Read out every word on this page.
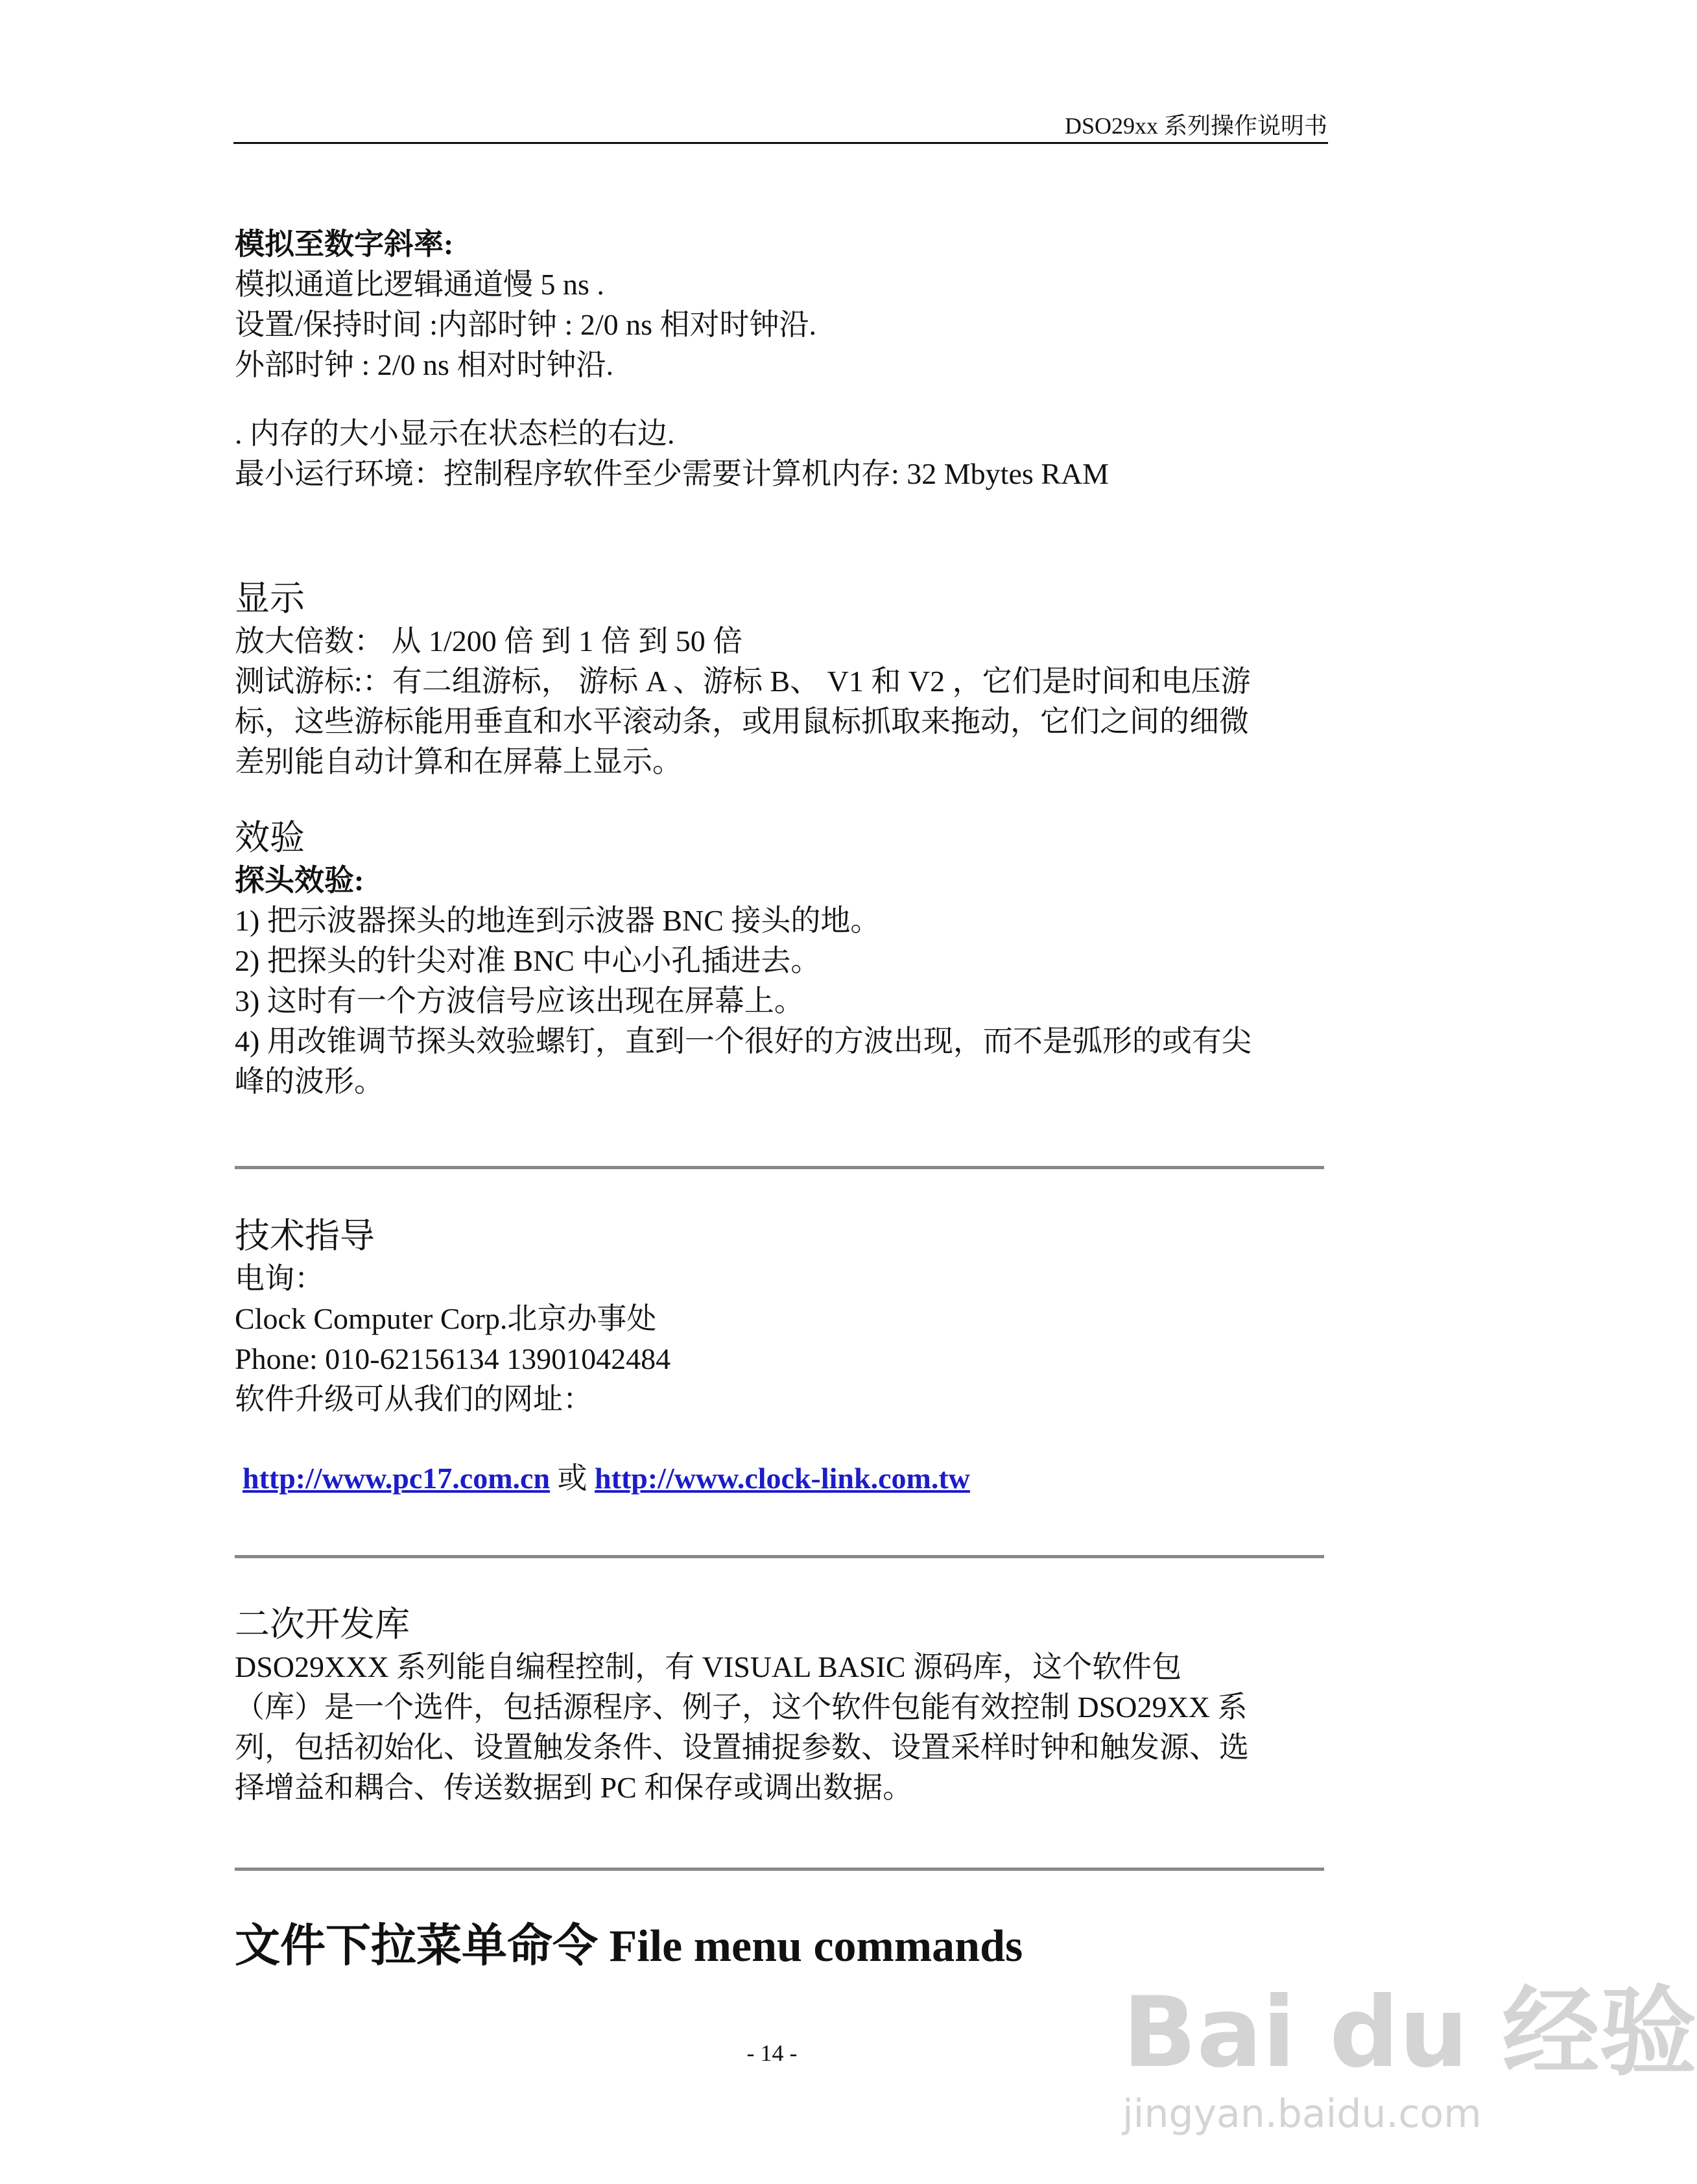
DSO29xx 系列操作说明书
模拟至数字斜率:
模拟通道比逻辑通道慢 5 ns .
设置/保持时间 :内部时钟 : 2/0 ns 相对时钟沿.
外部时钟 : 2/0 ns 相对时钟沿.
. 内存的大小显示在状态栏的右边.
最小运行环境：控制程序软件至少需要计算机内存: 32 Mbytes RAM
显示
放大倍数： 从 1/200 倍 到 1 倍 到 50 倍
测试游标:：有二组游标， 游标 A 、游标 B、 V1 和 V2 ，它们是时间和电压游
标，这些游标能用垂直和水平滚动条，或用鼠标抓取来拖动，它们之间的细微
差别能自动计算和在屏幕上显示。
效验
探头效验:
1) 把示波器探头的地连到示波器 BNC 接头的地。
2) 把探头的针尖对准 BNC 中心小孔插进去。
3) 这时有一个方波信号应该出现在屏幕上。
4) 用改锥调节探头效验螺钉，直到一个很好的方波出现，而不是弧形的或有尖
峰的波形。
技术指导
电询：
Clock Computer Corp.北京办事处
Phone: 010-62156134 13901042484
软件升级可从我们的网址：
http://www.pc17.com.cn 或 http://www.clock-link.com.tw
二次开发库
DSO29XXX 系列能自编程控制，有 VISUAL BASIC 源码库，这个软件包
（库）是一个选件，包括源程序、例子，这个软件包能有效控制 DSO29XX 系
列，包括初始化、设置触发条件、设置捕捉参数、设置采样时钟和触发源、选
择增益和耦合、传送数据到 PC 和保存或调出数据。
文件下拉菜单命令 File menu commands
- 14 -	Bai du 经验
jingyan.baidu.com
